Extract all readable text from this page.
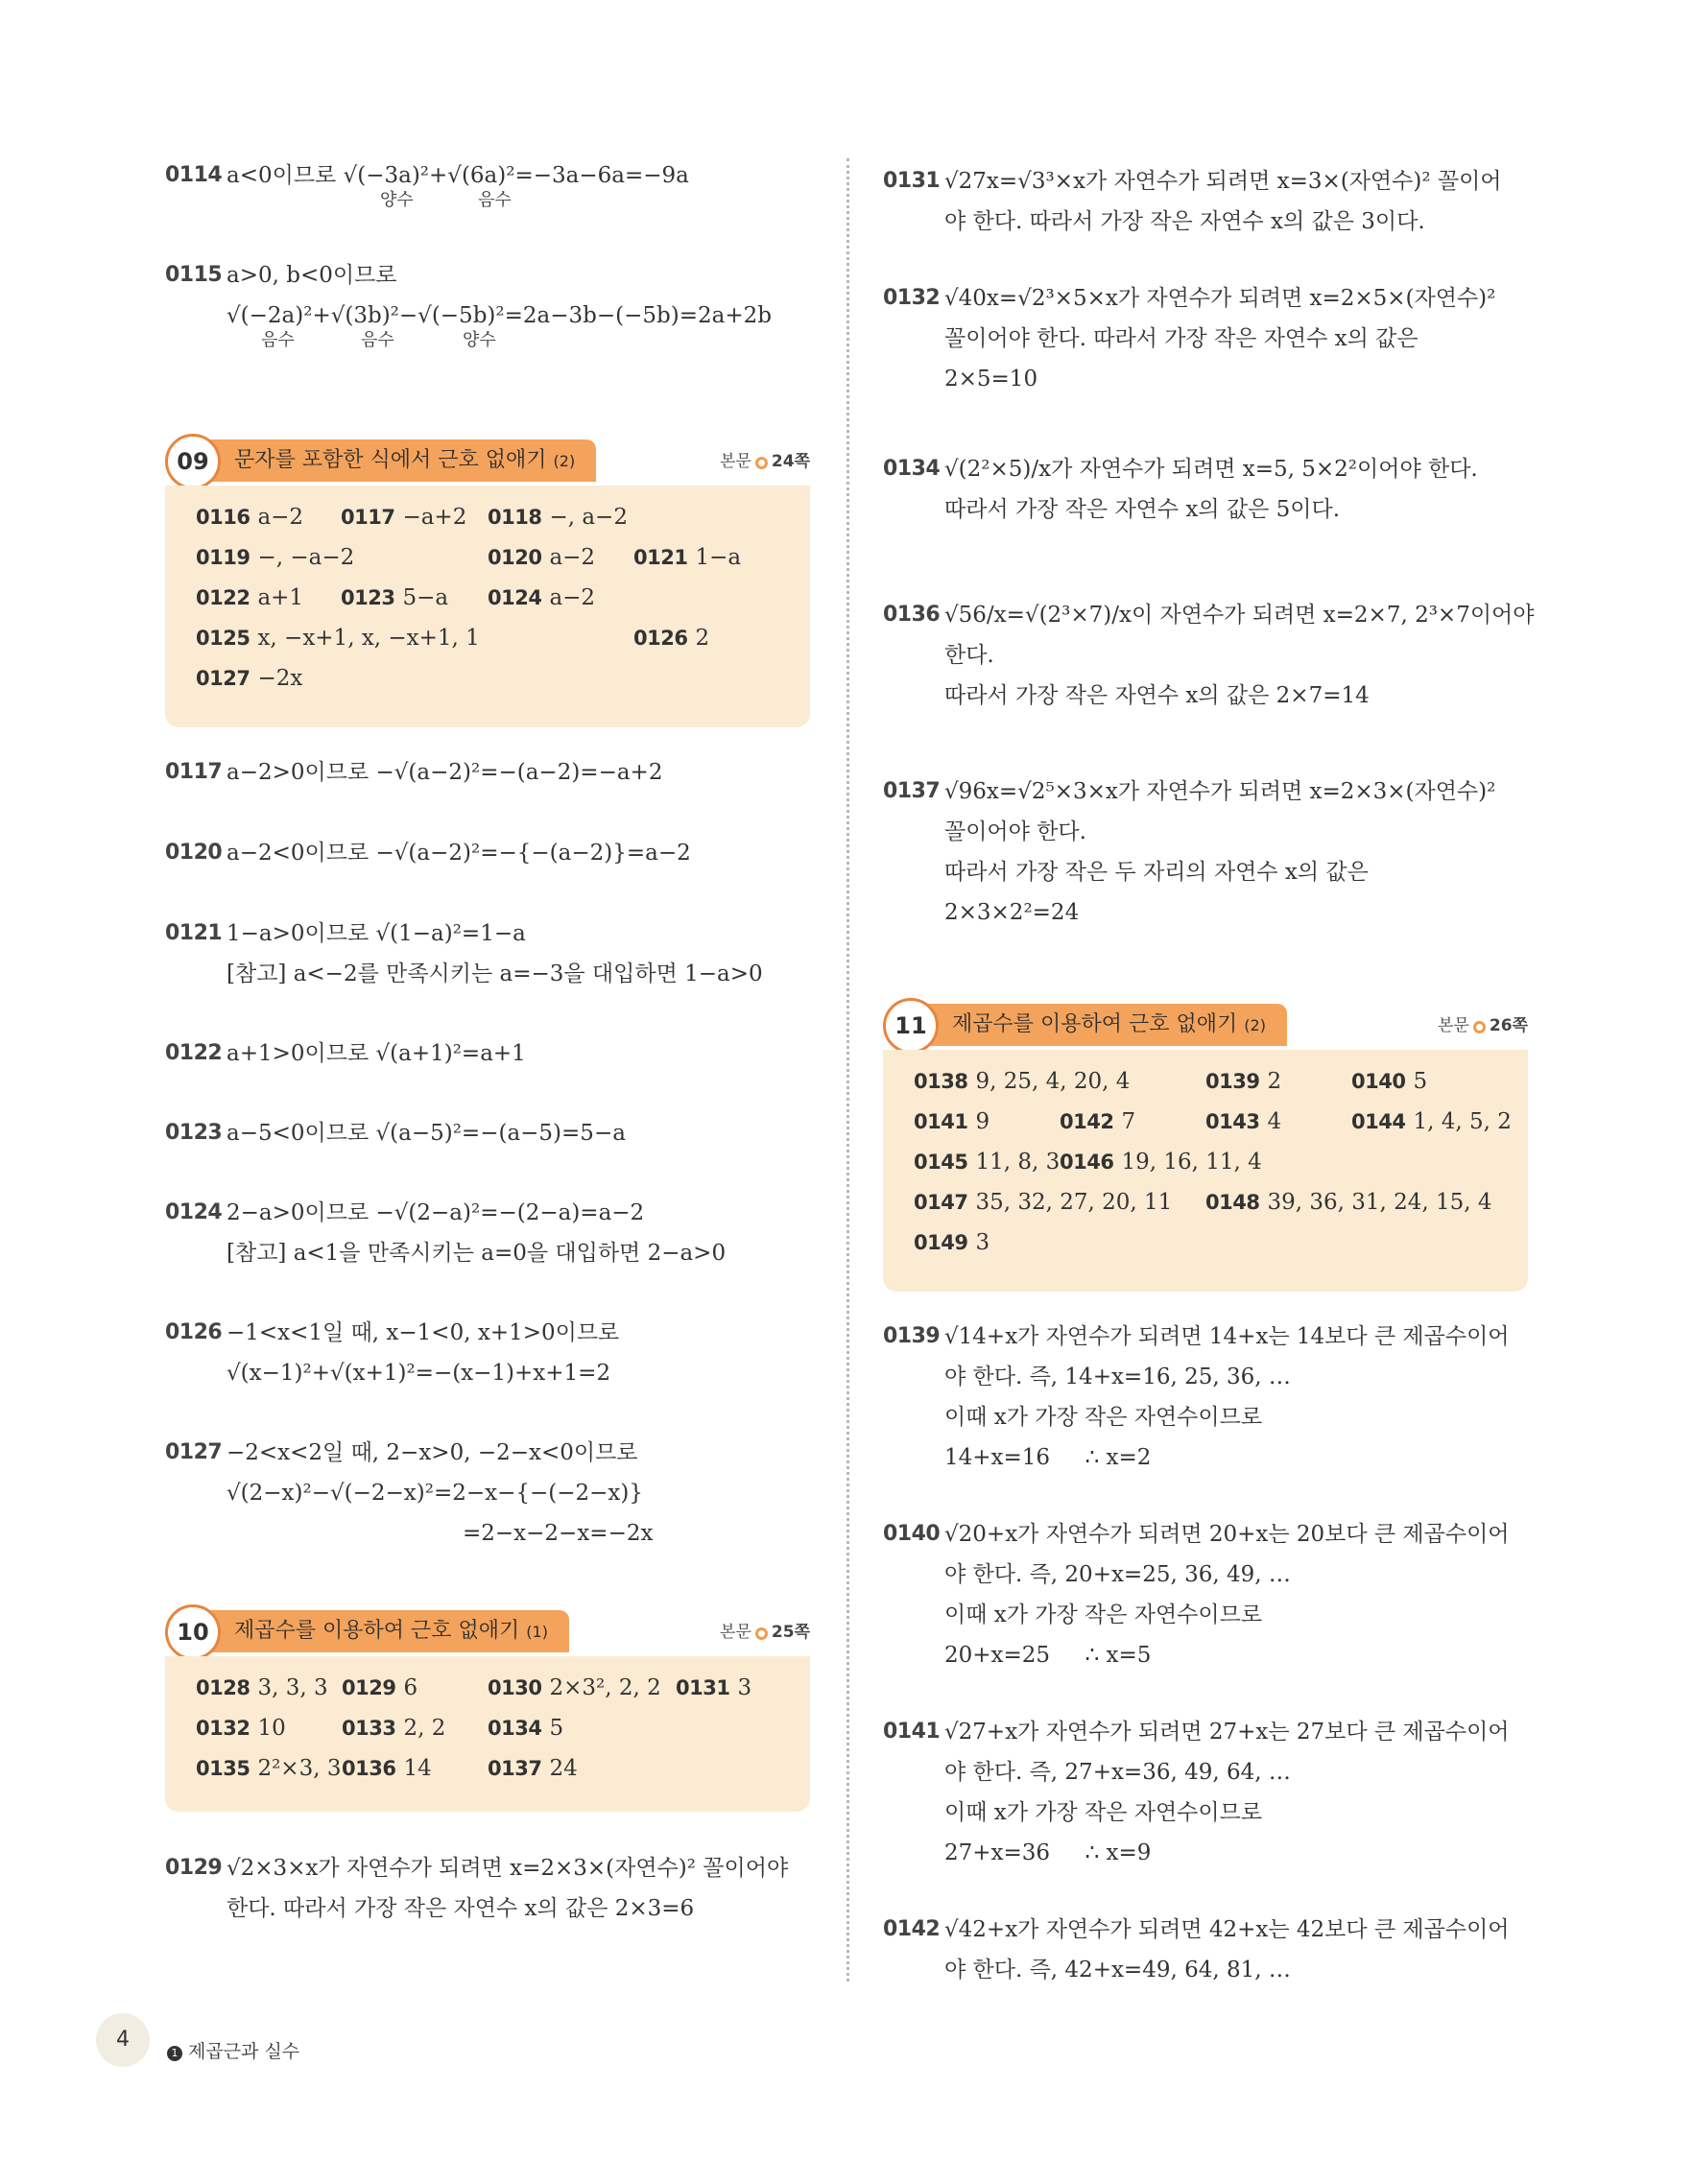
0114 a<0이므로 √(−3a)²+√(6a)²=−3a−6a=−9a
양수	음수
0115 a>0, b<0이므로
√(−2a)²+√(3b)²−√(−5b)²=2a−3b−(−5b)=2a+2b
음수	음수	양수
문자를 포함한 식에서 근호 없애기 (2)
09	본문 24쪽
0116 a−2 0117 −a+2 0118 −, a−2
0119 −, −a−2	0120 a−2 0121 1−a
0122 a+1 0123 5−a 0124 a−2
0125 x, −x+1, x, −x+1, 1	0126 2
0127 −2x
0117 a−2>0이므로 −√(a−2)²=−(a−2)=−a+2
0120 a−2<0이므로 −√(a−2)²=−{−(a−2)}=a−2
0121 1−a>0이므로 √(1−a)²=1−a
[참고] a<−2를 만족시키는 a=−3을 대입하면 1−a>0
0122 a+1>0이므로 √(a+1)²=a+1
0123 a−5<0이므로 √(a−5)²=−(a−5)=5−a
0124 2−a>0이므로 −√(2−a)²=−(2−a)=a−2
[참고] a<1을 만족시키는 a=0을 대입하면 2−a>0
0126 −1<x<1일 때, x−1<0, x+1>0이므로
√(x−1)²+√(x+1)²=−(x−1)+x+1=2
0127 −2<x<2일 때, 2−x>0, −2−x<0이므로
√(2−x)²−√(−2−x)²=2−x−{−(−2−x)}
=2−x−2−x=−2x
제곱수를 이용하여 근호 없애기 (1)
10	본문 25쪽
0128 3, 3, 3 0129 6	0130 2×3², 2, 2 0131 3
0132 10	0133 2, 2 0134 5
0135 2²×3, 3 0136 14	0137 24
0129 √2×3×x가 자연수가 되려면 x=2×3×(자연수)² 꼴이어야
한다. 따라서 가장 작은 자연수 x의 값은 2×3=6
0131 √27x=√3³×x가 자연수가 되려면 x=3×(자연수)² 꼴이어
야 한다. 따라서 가장 작은 자연수 x의 값은 3이다.
0132 √40x=√2³×5×x가 자연수가 되려면 x=2×5×(자연수)²
꼴이어야 한다. 따라서 가장 작은 자연수 x의 값은
2×5=10
0134 √(2²×5)/x가 자연수가 되려면 x=5, 5×2²이어야 한다.
따라서 가장 작은 자연수 x의 값은 5이다.
0136 √56/x=√(2³×7)/x이 자연수가 되려면 x=2×7, 2³×7이어야
한다.
따라서 가장 작은 자연수 x의 값은 2×7=14
0137 √96x=√2⁵×3×x가 자연수가 되려면 x=2×3×(자연수)²
꼴이어야 한다.
따라서 가장 작은 두 자리의 자연수 x의 값은
2×3×2²=24
제곱수를 이용하여 근호 없애기 (2)
11	본문 26쪽
0138 9, 25, 4, 20, 4	0139 2	0140 5
0141 9	0142 7	0143 4	0144 1, 4, 5, 2
0145 11, 8, 3 0146 19, 16, 11, 4
0147 35, 32, 27, 20, 11 0148 39, 36, 31, 24, 15, 4
0149 3
0139 √14+x가 자연수가 되려면 14+x는 14보다 큰 제곱수이어
야 한다. 즉, 14+x=16, 25, 36, …
이때 x가 가장 작은 자연수이므로
14+x=16     ∴ x=2
0140 √20+x가 자연수가 되려면 20+x는 20보다 큰 제곱수이어
야 한다. 즉, 20+x=25, 36, 49, …
이때 x가 가장 작은 자연수이므로
20+x=25     ∴ x=5
0141 √27+x가 자연수가 되려면 27+x는 27보다 큰 제곱수이어
야 한다. 즉, 27+x=36, 49, 64, …
이때 x가 가장 작은 자연수이므로
27+x=36     ∴ x=9
0142 √42+x가 자연수가 되려면 42+x는 42보다 큰 제곱수이어
야 한다. 즉, 42+x=49, 64, 81, …
4
1 제곱근과 실수
